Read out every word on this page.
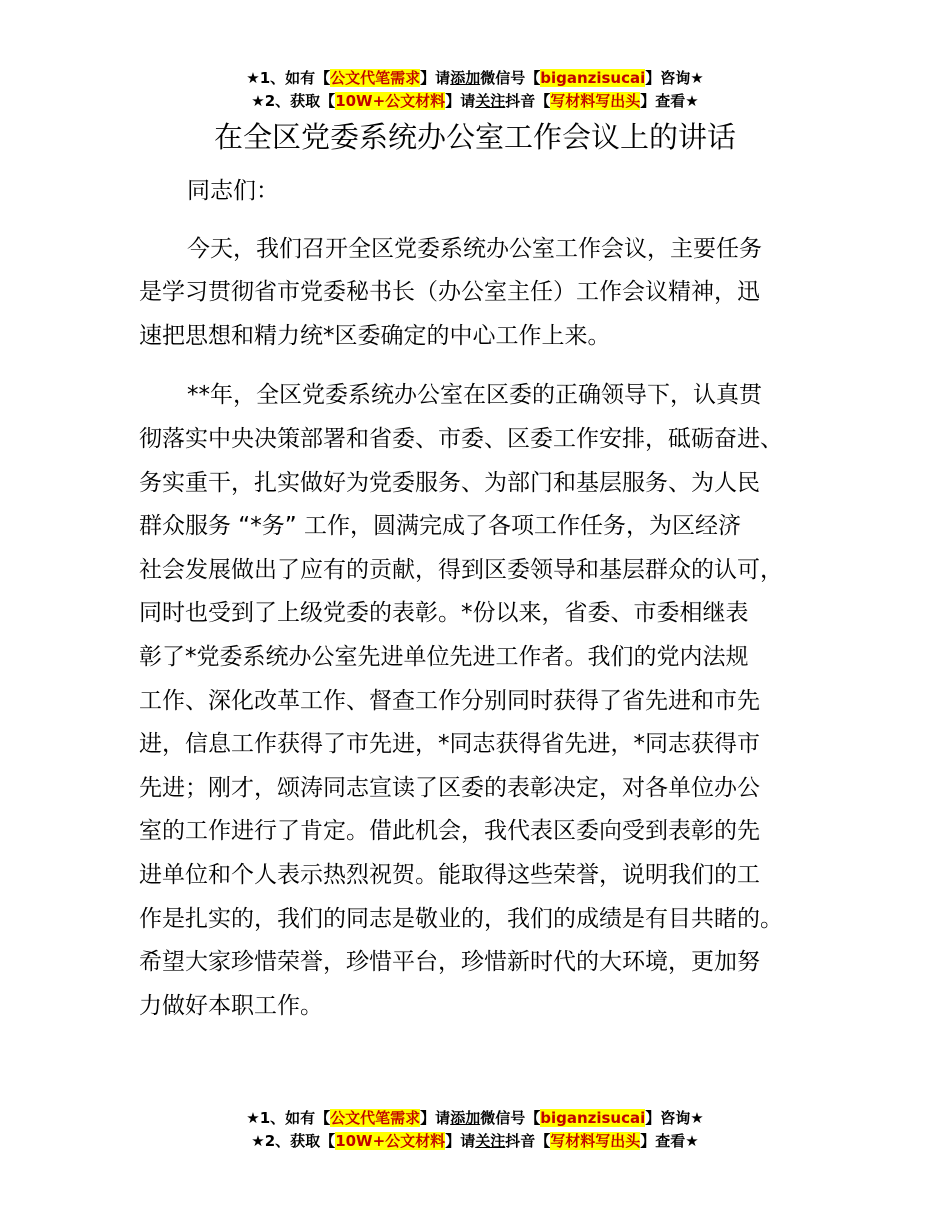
★1、如有【公文代笔需求】请添加微信号【biganzisucai】咨询★
★2、获取【10W+公文材料】请关注抖音【写材料写出头】查看★
在全区党委系统办公室工作会议上的讲话

同志们：

今天，我们召开全区党委系统办公室工作会议，主要任务
是学习贯彻省市党委秘书长（办公室主任）工作会议精神，迅
速把思想和精力统*区委确定的中心工作上来。

**年，全区党委系统办公室在区委的正确领导下，认真贯
彻落实中央决策部署和省委、市委、区委工作安排，砥砺奋进、
务实重干，扎实做好为党委服务、为部门和基层服务、为人民
群众服务 “*务” 工作，圆满完成了各项工作任务，为区经济
社会发展做出了应有的贡献，得到区委领导和基层群众的认可，
同时也受到了上级党委的表彰。*份以来，省委、市委相继表
彰了*党委系统办公室先进单位先进工作者。我们的党内法规
工作、深化改革工作、督查工作分别同时获得了省先进和市先
进，信息工作获得了市先进，*同志获得省先进，*同志获得市
先进；刚才，颂涛同志宣读了区委的表彰决定，对各单位办公
室的工作进行了肯定。借此机会，我代表区委向受到表彰的先
进单位和个人表示热烈祝贺。能取得这些荣誉，说明我们的工
作是扎实的，我们的同志是敬业的，我们的成绩是有目共睹的。
希望大家珍惜荣誉，珍惜平台，珍惜新时代的大环境，更加努
力做好本职工作。

★1、如有【公文代笔需求】请添加微信号【biganzisucai】咨询★
★2、获取【10W+公文材料】请关注抖音【写材料写出头】查看★
